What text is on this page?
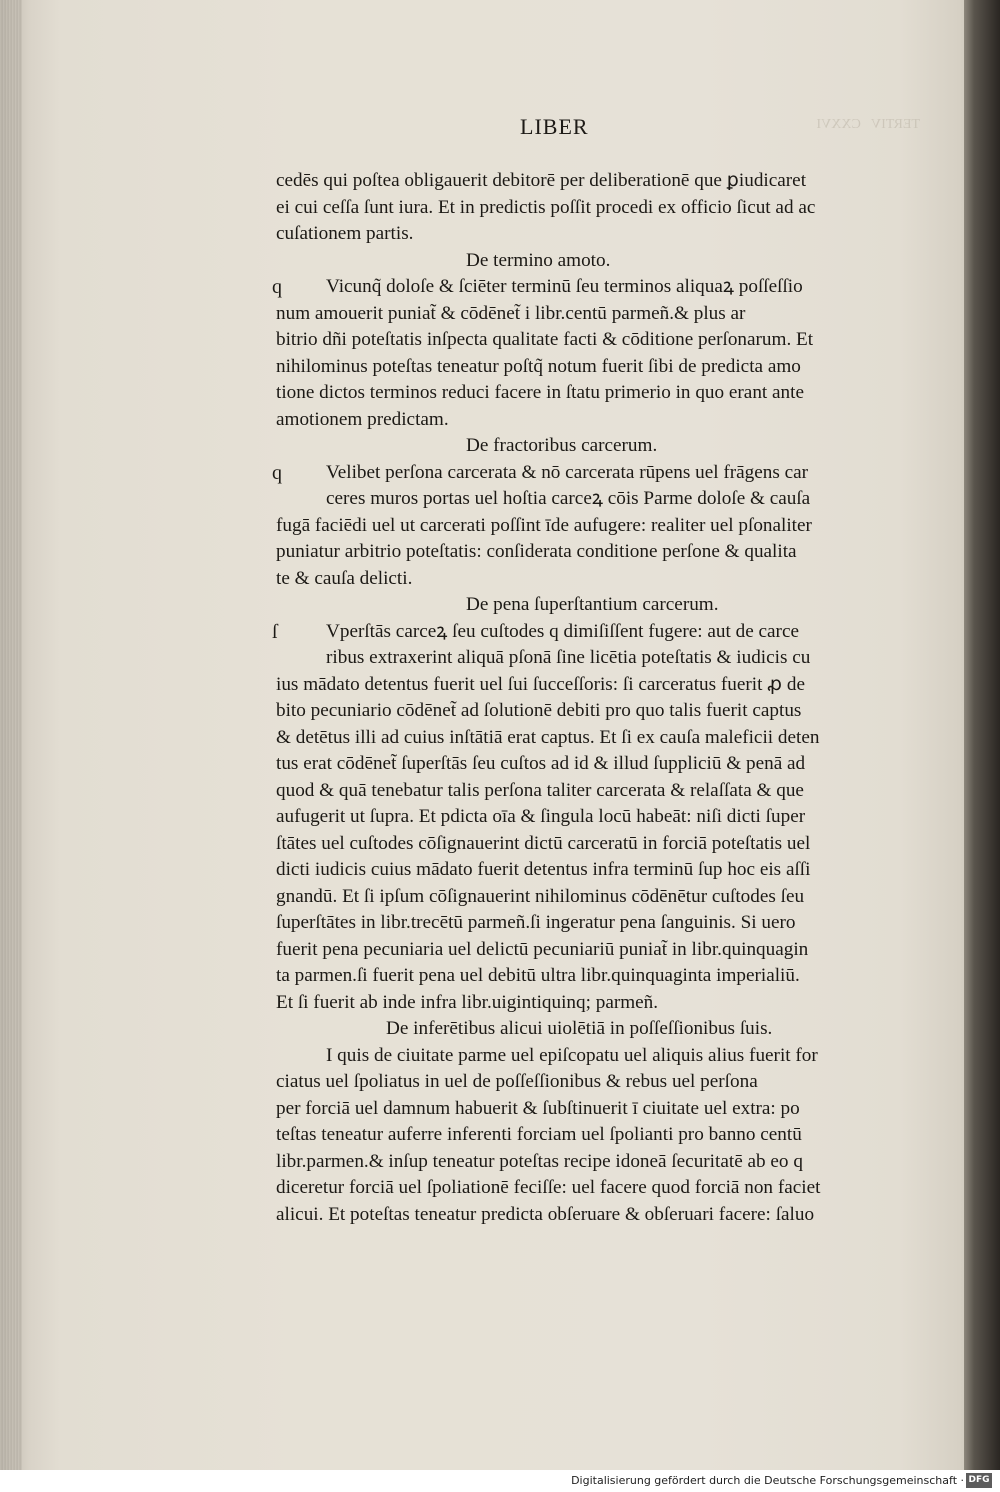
TERTIV   CXXVI
LIBER
cedēs qui poſtea obligauerit debitorē per deliberationē que ꝑiudicaret
ei cui ceſſa ſunt iura. Et in predictis poſſit procedi ex officio ſicut ad ac
cuſationem partis.
De termino amoto.
q Vicunq̃ doloſe & ſciēter terminū ſeu terminos aliquaꝝ poſſeſſio
num amouerit puniat̃ & cōdēnet̃ i libr.centū parmeñ.& plus ar
bitrio dñi poteſtatis inſpecta qualitate facti & cōditione perſonarum. Et
nihilominus poteſtas teneatur poſtq̃ notum fuerit ſibi de predicta amo
tione dictos terminos reduci facere in ſtatu primerio in quo erant ante
amotionem predictam.
De fractoribus carcerum.
q Velibet perſona carcerata & nō carcerata rūpens uel frāgens car
ceres muros portas uel hoſtia carceꝝ cōis Parme doloſe & cauſa
fugā faciēdi uel ut carcerati poſſint īde aufugere: realiter uel pſonaliter
puniatur arbitrio poteſtatis: conſiderata conditione perſone & qualita
te & cauſa delicti.
De pena ſuperſtantium carcerum.
ſ	Vperſtās carceꝝ ſeu cuſtodes q dimiſiſſent fugere: aut de carce
ribus extraxerint aliquā pſonā ſine licētia poteſtatis & iudicis cu
ius mādato detentus fuerit uel ſui ſucceſſoris: ſi carceratus fuerit ꝓ de
bito pecuniario cōdēnet̃ ad ſolutionē debiti pro quo talis fuerit captus
& detētus illi ad cuius inſtātiā erat captus. Et ſi ex cauſa maleficii deten
tus erat cōdēnet̃ ſuperſtās ſeu cuſtos ad id & illud ſuppliciū & penā ad
quod & quā tenebatur talis perſona taliter carcerata & relaſſata & que
aufugerit ut ſupra. Et pdicta oīa & ſingula locū habeāt: niſi dicti ſuper
ſtātes uel cuſtodes cōſignauerint dictū carceratū in forciā poteſtatis uel
dicti iudicis cuius mādato fuerit detentus infra terminū ſup hoc eis aſſi
gnandū. Et ſi ipſum cōſignauerint nihilominus cōdēnētur cuſtodes ſeu
ſuperſtātes in libr.trecētū parmeñ.ſi ingeratur pena ſanguinis. Si uero
fuerit pena pecuniaria uel delictū pecuniariū puniat̃ in libr.quinquagin
ta parmen.ſi fuerit pena uel debitū ultra libr.quinquaginta imperialiū.
Et ſi fuerit ab inde infra libr.uigintiquinq; parmeñ.
De inferētibus alicui uiolētiā in poſſeſſionibus ſuis.
I quis de ciuitate parme uel epiſcopatu uel aliquis alius fuerit for
ciatus uel ſpoliatus in uel de poſſeſſionibus & rebus uel perſona
per forciā uel damnum habuerit & ſubſtinuerit ī ciuitate uel extra: po
teſtas teneatur auferre inferenti forciam uel ſpolianti pro banno centū
libr.parmen.& inſup teneatur poteſtas recipe idoneā ſecuritatē ab eo q
diceretur forciā uel ſpoliationē feciſſe: uel facere quod forciā non faciet
alicui. Et poteſtas teneatur predicta obſeruare & obſeruari facere: ſaluo
Digitalisierung gefördert durch die Deutsche Forschungsgemeinschaft · DFG
